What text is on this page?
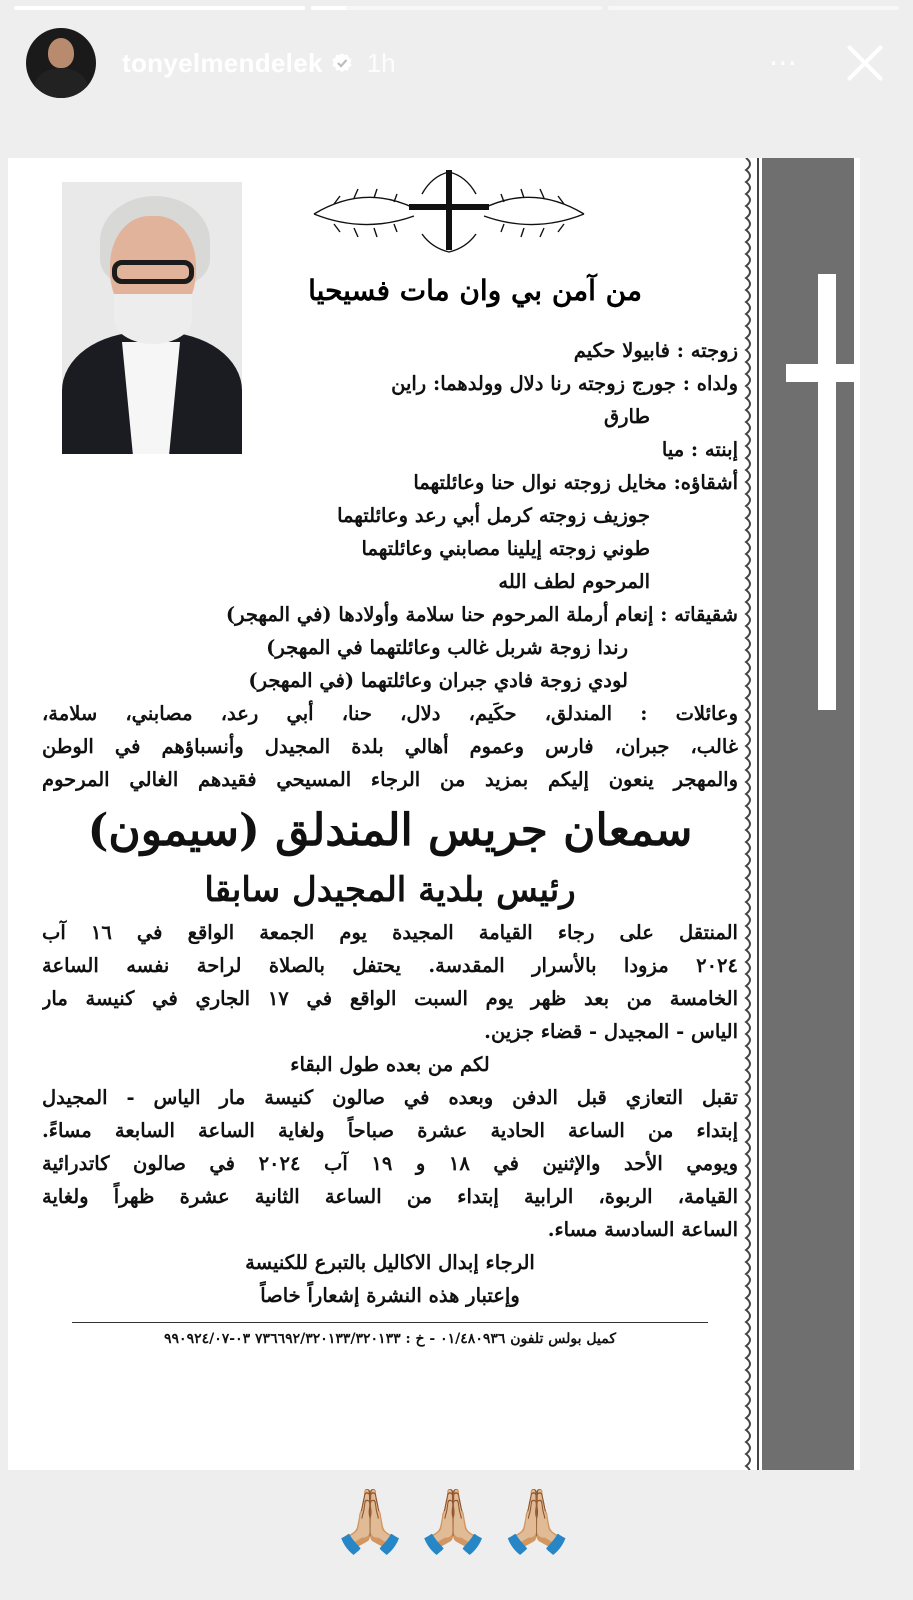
tonyelmendelek 1h	⋯
من آمن بي وان مات فسيحيا
زوجته : فابيولا حكيم
ولداه : جورج زوجته رنا دلال وولدهما: راين
طارق
إبنته : ميا
أشقاؤه: مخايل زوجته نوال حنا وعائلتهما
جوزيف زوجته كرمل أبي رعد وعائلتهما
طوني زوجته إيلينا مصابني وعائلتهما
المرحوم لطف الله
شقيقاته : إنعام أرملة المرحوم حنا سلامة وأولادها (في المهجر)
رندا زوجة شربل غالب وعائلتهما في المهجر)
لودي زوجة فادي جبران وعائلتهما (في المهجر)
وعائلات : المندلق، حكَيم، دلال، حنا، أبي رعد، مصابني، سلامة،
غالب، جبران، فارس وعموم أهالي بلدة المجيدل وأنسباؤهم في الوطن
والمهجر ينعون إليكم بمزيد من الرجاء المسيحي فقيدهم الغالي المرحوم
سمعان جريس المندلق (سيمون)
رئيس بلدية المجيدل سابقا
المنتقل على رجاء القيامة المجيدة يوم الجمعة الواقع في ١٦ آب
٢٠٢٤ مزودا بالأسرار المقدسة. يحتفل بالصلاة لراحة نفسه الساعة
الخامسة من بعد ظهر يوم السبت الواقع في ١٧ الجاري في كنيسة مار
الياس - المجيدل - قضاء جزين.
لكم من بعده طول البقاء
تقبل التعازي قبل الدفن وبعده في صالون كنيسة مار الياس - المجيدل
إبتداء من الساعة الحادية عشرة صباحاً ولغاية الساعة السابعة مساءً.
ويومي الأحد والإثنين في ١٨ و ١٩ آب ٢٠٢٤ في صالون كاتدرائية
القيامة، الربوة، الرابية إبتداء من الساعة الثانية عشرة ظهراً ولغاية
الساعة السادسة مساء.
الرجاء إبدال الاكاليل بالتبرع للكنيسة
وإعتبار هذه النشرة إشعاراً خاصاً
كميل بولس تلفون ٠١/٤٨٠٩٣٦ - خ : ٧٣٦٦٩٢/٣٢٠١٣٣/٣٢٠١٣٣ ٠٣-٩٩٠٩٢٤/٠٧
🙏🏼🙏🏼🙏🏼
